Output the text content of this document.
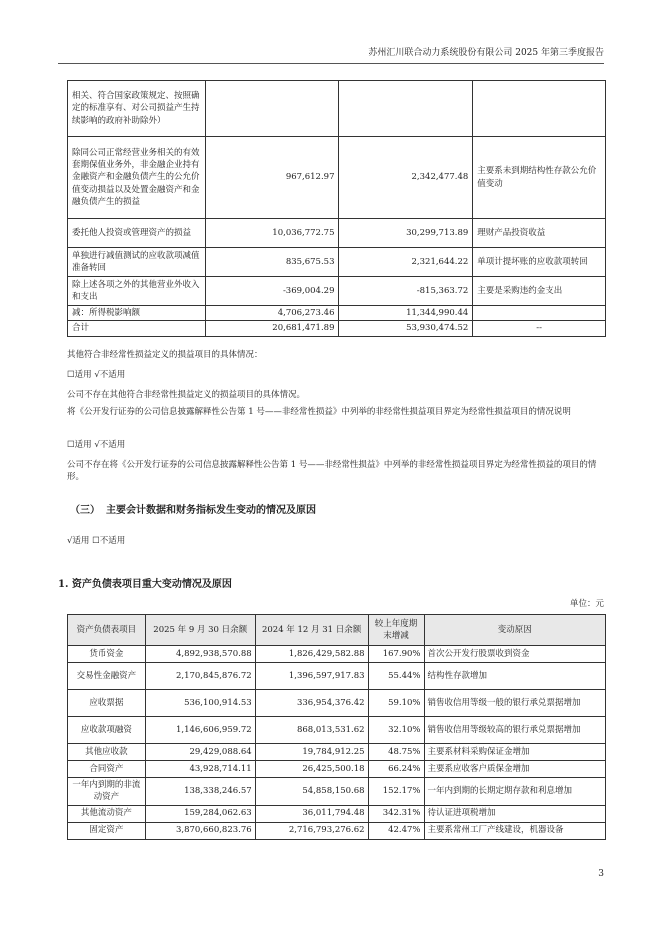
苏州汇川联合动力系统股份有限公司 2025 年第三季度报告
相关、符合国家政策规定、按照确定的标准享有、对公司损益产生持续影响的政府补助除外）			
除同公司正常经营业务相关的有效套期保值业务外，非金融企业持有金融资产和金融负债产生的公允价值变动损益以及处置金融资产和金融负债产生的损益	967,612.97	2,342,477.48	主要系未到期结构性存款公允价值变动
委托他人投资或管理资产的损益	10,036,772.75	30,299,713.89	理财产品投资收益
单独进行减值测试的应收款项减值准备转回	835,675.53	2,321,644.22	单项计提坏账的应收款项转回
除上述各项之外的其他营业外收入和支出	-369,004.29	-815,363.72	主要是采购违约金支出
减：所得税影响额	4,706,273.46	11,344,990.44	
合计	20,681,471.89	53,930,474.52	--
其他符合非经常性损益定义的损益项目的具体情况：
☐适用 √不适用
公司不存在其他符合非经常性损益定义的损益项目的具体情况。
将《公开发行证券的公司信息披露解释性公告第 1 号——非经常性损益》中列举的非经常性损益项目界定为经常性损益项目的情况说明
☐适用 √不适用
公司不存在将《公开发行证券的公司信息披露解释性公告第 1 号——非经常性损益》中列举的非经常性损益项目界定为经常性损益的项目的情形。
（三） 主要会计数据和财务指标发生变动的情况及原因
√适用 ☐不适用
1. 资产负债表项目重大变动情况及原因
单位：元
资产负债表项目	2025 年 9 月 30 日余额	2024 年 12 月 31 日余额	较上年度期末增减	变动原因
货币资金	4,892,938,570.88	1,826,429,582.88	167.90%	首次公开发行股票收到资金
交易性金融资产	2,170,845,876.72	1,396,597,917.83	55.44%	结构性存款增加
应收票据	536,100,914.53	336,954,376.42	59.10%	销售收信用等级一般的银行承兑票据增加
应收款项融资	1,146,606,959.72	868,013,531.62	32.10%	销售收信用等级较高的银行承兑票据增加
其他应收款	29,429,088.64	19,784,912.25	48.75%	主要系材料采购保证金增加
合同资产	43,928,714.11	26,425,500.18	66.24%	主要系应收客户质保金增加
一年内到期的非流动资产	138,338,246.57	54,858,150.68	152.17%	一年内到期的长期定期存款和利息增加
其他流动资产	159,284,062.63	36,011,794.48	342.31%	待认证进项税增加
固定资产	3,870,660,823.76	2,716,793,276.62	42.47%	主要系常州工厂产线建设，机器设备
3
